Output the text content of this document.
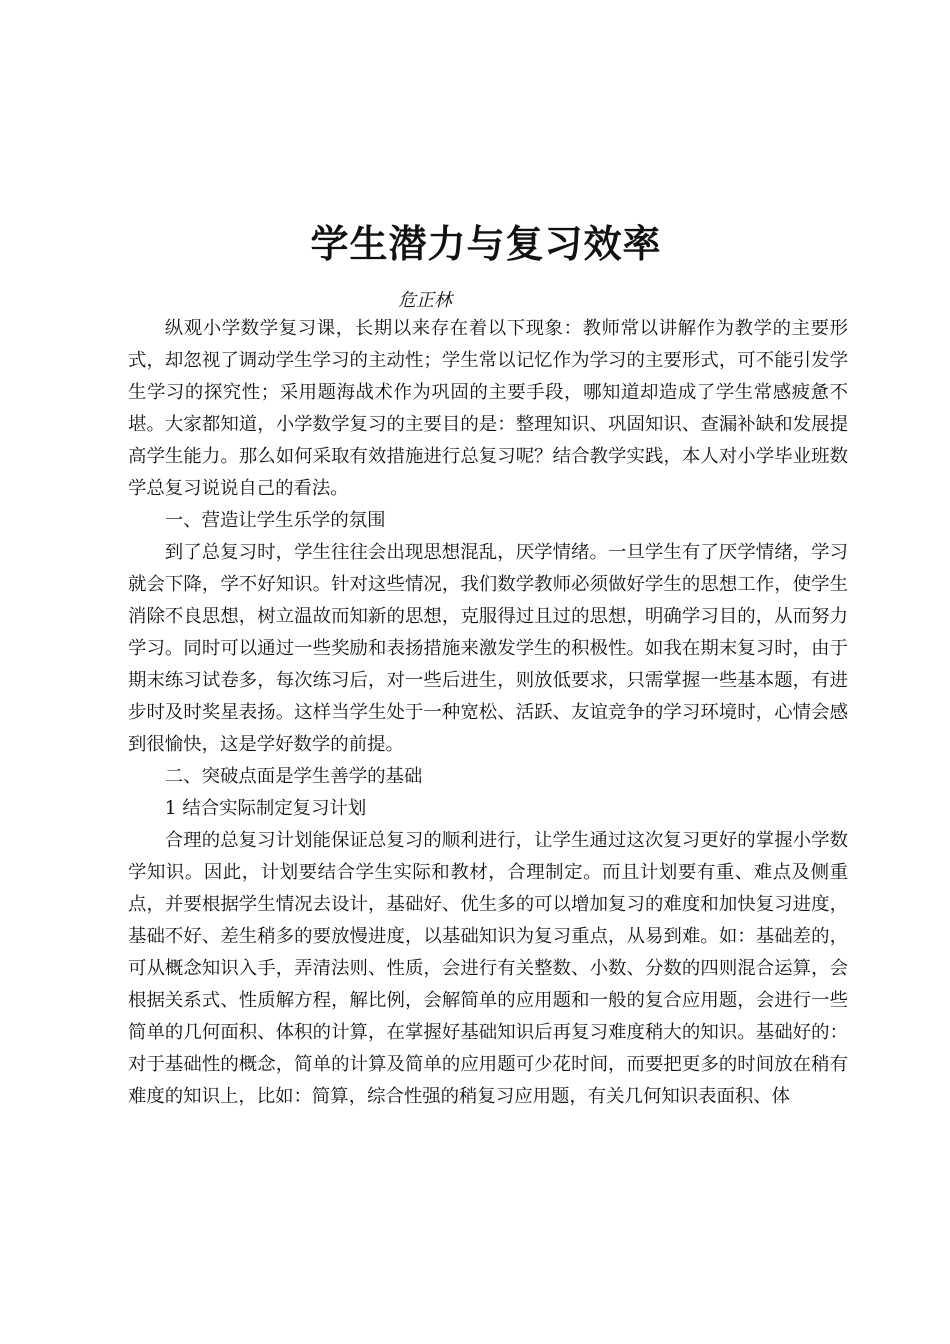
学生潜力与复习效率
危正林

纵观小学数学复习课，长期以来存在着以下现象：教师常以讲解作为教学的主要形式，却忽视了调动学生学习的主动性；学生常以记忆作为学习的主要形式，可不能引发学生学习的探究性；采用题海战术作为巩固的主要手段，哪知道却造成了学生常感疲惫不堪。大家都知道，小学数学复习的主要目的是：整理知识、巩固知识、查漏补缺和发展提高学生能力。那么如何采取有效措施进行总复习呢？结合教学实践，本人对小学毕业班数学总复习说说自己的看法。

一、营造让学生乐学的氛围

到了总复习时，学生往往会出现思想混乱，厌学情绪。一旦学生有了厌学情绪，学习就会下降，学不好知识。针对这些情况，我们数学教师必须做好学生的思想工作，使学生消除不良思想，树立温故而知新的思想，克服得过且过的思想，明确学习目的，从而努力学习。同时可以通过一些奖励和表扬措施来激发学生的积极性。如我在期末复习时，由于期末练习试卷多，每次练习后，对一些后进生，则放低要求，只需掌握一些基本题，有进步时及时奖星表扬。这样当学生处于一种宽松、活跃、友谊竞争的学习环境时，心情会感到很愉快，这是学好数学的前提。

二、突破点面是学生善学的基础

1 结合实际制定复习计划

合理的总复习计划能保证总复习的顺利进行，让学生通过这次复习更好的掌握小学数学知识。因此，计划要结合学生实际和教材，合理制定。而且计划要有重、难点及侧重点，并要根据学生情况去设计，基础好、优生多的可以增加复习的难度和加快复习进度，基础不好、差生稍多的要放慢进度，以基础知识为复习重点，从易到难。如：基础差的，可从概念知识入手，弄清法则、性质，会进行有关整数、小数、分数的四则混合运算，会根据关系式、性质解方程，解比例，会解简单的应用题和一般的复合应用题，会进行一些简单的几何面积、体积的计算，在掌握好基础知识后再复习难度稍大的知识。基础好的：对于基础性的概念，简单的计算及简单的应用题可少花时间，而要把更多的时间放在稍有难度的知识上，比如：简算，综合性强的稍复习应用题，有关几何知识表面积、体
